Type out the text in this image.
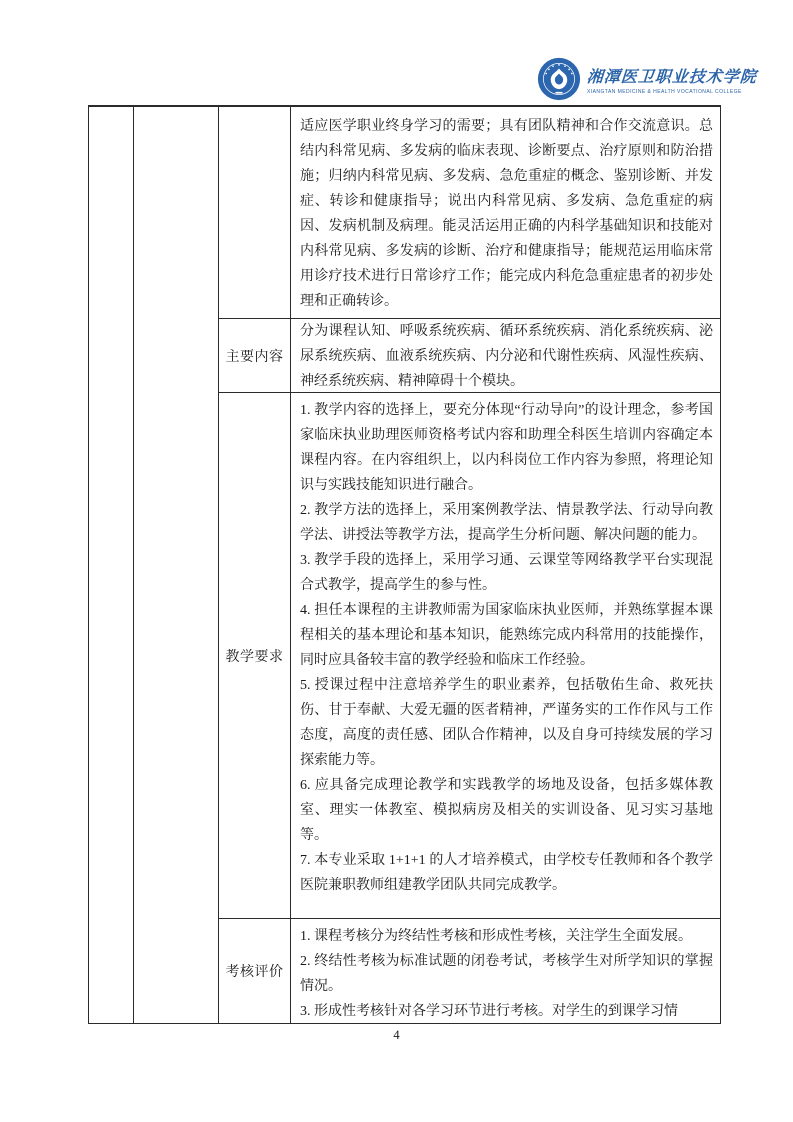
湘潭医卫职业技术学院
XIANGTAN MEDICINE & HEALTH VOCATIONAL COLLEGE
适应医学职业终身学习的需要；具有团队精神和合作交流意识。总结内科常见病、多发病的临床表现、诊断要点、治疗原则和防治措施；归纳内科常见病、多发病、急危重症的概念、鉴别诊断、并发症、转诊和健康指导；说出内科常见病、多发病、急危重症的病因、发病机制及病理。能灵活运用正确的内科学基础知识和技能对内科常见病、多发病的诊断、治疗和健康指导；能规范运用临床常用诊疗技术进行日常诊疗工作；能完成内科危急重症患者的初步处理和正确转诊。
主要内容
分为课程认知、呼吸系统疾病、循环系统疾病、消化系统疾病、泌尿系统疾病、血液系统疾病、内分泌和代谢性疾病、风湿性疾病、神经系统疾病、精神障碍十个模块。
教学要求

1. 教学内容的选择上，要充分体现“行动导向”的设计理念，参考国家临床执业助理医师资格考试内容和助理全科医生培训内容确定本课程内容。在内容组织上，以内科岗位工作内容为参照，将理论知识与实践技能知识进行融合。

2. 教学方法的选择上，采用案例教学法、情景教学法、行动导向教学法、讲授法等教学方法，提高学生分析问题、解决问题的能力。

3. 教学手段的选择上，采用学习通、云课堂等网络教学平台实现混合式教学，提高学生的参与性。

4. 担任本课程的主讲教师需为国家临床执业医师，并熟练掌握本课程相关的基本理论和基本知识，能熟练完成内科常用的技能操作，同时应具备较丰富的教学经验和临床工作经验。

5. 授课过程中注意培养学生的职业素养，包括敬佑生命、救死扶伤、甘于奉献、大爱无疆的医者精神，严谨务实的工作作风与工作态度，高度的责任感、团队合作精神，以及自身可持续发展的学习探索能力等。

6. 应具备完成理论教学和实践教学的场地及设备，包括多媒体教室、理实一体教室、模拟病房及相关的实训设备、见习实习基地等。

7. 本专业采取 1+1+1 的人才培养模式，由学校专任教师和各个教学医院兼职教师组建教学团队共同完成教学。

考核评价

1. 课程考核分为终结性考核和形成性考核，关注学生全面发展。

2. 终结性考核为标准试题的闭卷考试，考核学生对所学知识的掌握情况。

3. 形成性考核针对各学习环节进行考核。对学生的到课学习情

4
